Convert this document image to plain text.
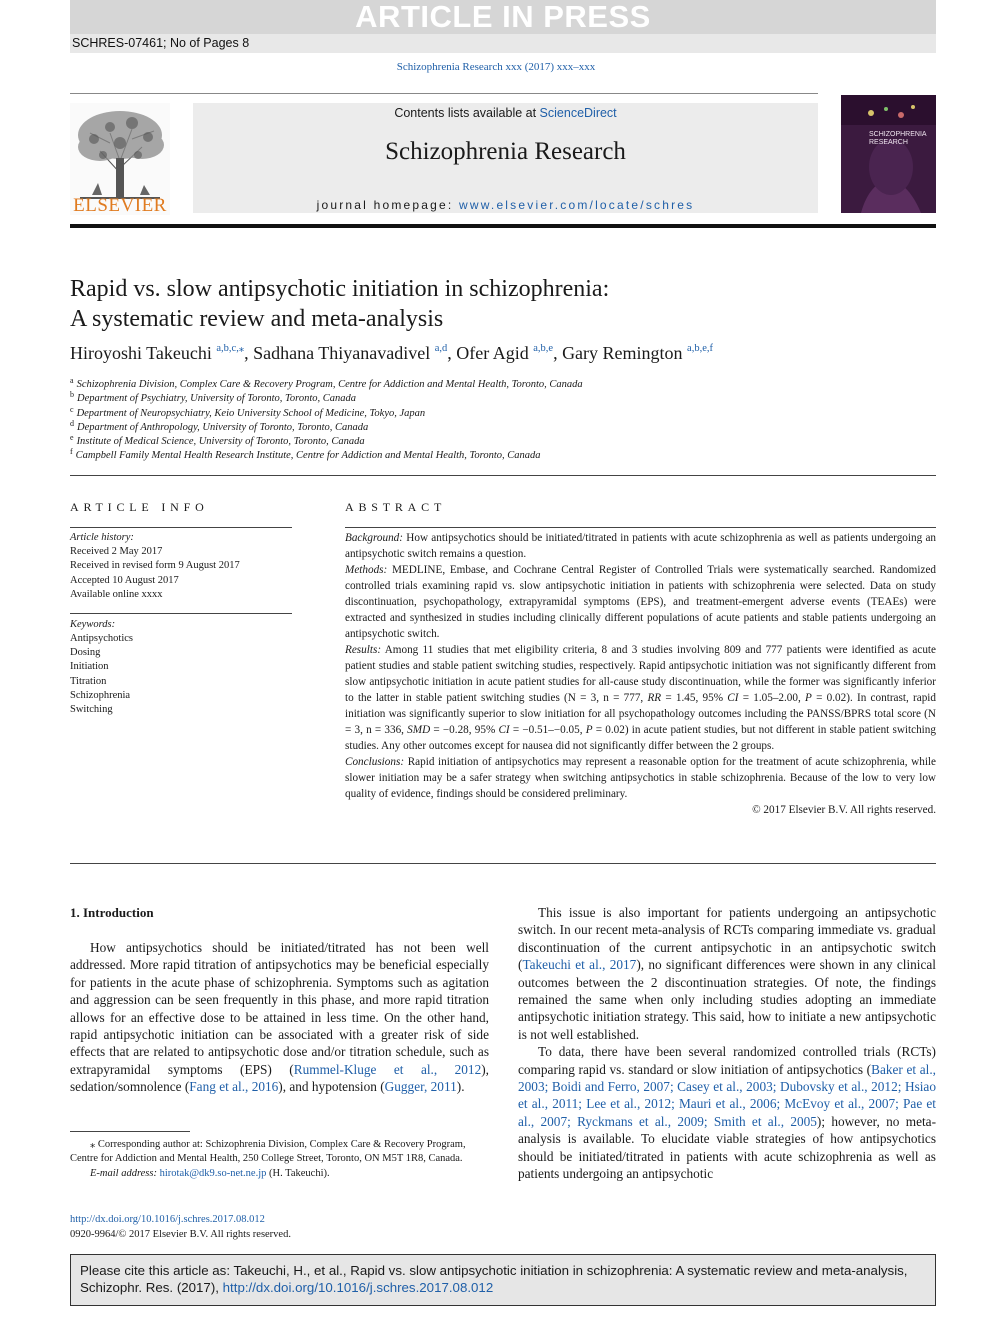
ARTICLE IN PRESS
SCHRES-07461; No of Pages 8
Schizophrenia Research xxx (2017) xxx–xxx
ELSEVIER
Contents lists available at ScienceDirect
Schizophrenia Research
journal homepage: www.elsevier.com/locate/schres
SCHIZOPHRENIA RESEARCH
Rapid vs. slow antipsychotic initiation in schizophrenia:
A systematic review and meta-analysis
Hiroyoshi Takeuchi $^{a,b,c,⁎}$, Sadhana Thiyanavadivel $^{a,d}$, Ofer Agid $^{a,b,e}$, Gary Remington $^{a,b,e,f}$
$^a$ Schizophrenia Division, Complex Care & Recovery Program, Centre for Addiction and Mental Health, Toronto, Canada
$^b$ Department of Psychiatry, University of Toronto, Toronto, Canada
$^c$ Department of Neuropsychiatry, Keio University School of Medicine, Tokyo, Japan
$^d$ Department of Anthropology, University of Toronto, Toronto, Canada
$^e$ Institute of Medical Science, University of Toronto, Toronto, Canada
$^f$ Campbell Family Mental Health Research Institute, Centre for Addiction and Mental Health, Toronto, Canada
ARTICLE INFO
Article history:
Received 2 May 2017
Received in revised form 9 August 2017
Accepted 10 August 2017
Available online xxxx
Keywords:
Antipsychotics
Dosing
Initiation
Titration
Schizophrenia
Switching
ABSTRACT

Background: How antipsychotics should be initiated/titrated in patients with acute schizophrenia as well as patients undergoing an antipsychotic switch remains a question.

Methods: MEDLINE, Embase, and Cochrane Central Register of Controlled Trials were systematically searched. Randomized controlled trials examining rapid vs. slow antipsychotic initiation in patients with schizophrenia were selected. Data on study discontinuation, psychopathology, extrapyramidal symptoms (EPS), and treatment-emergent adverse events (TEAEs) were extracted and synthesized in studies including clinically different populations of acute patients and stable patients undergoing an antipsychotic switch.

Results: Among 11 studies that met eligibility criteria, 8 and 3 studies involving 809 and 777 patients were identified as acute patient studies and stable patient switching studies, respectively. Rapid antipsychotic initiation was not significantly different from slow antipsychotic initiation in acute patient studies for all-cause study discontinuation, while the former was significantly inferior to the latter in stable patient switching studies (N = 3, n = 777, RR = 1.45, 95% CI = 1.05–2.00, P = 0.02). In contrast, rapid initiation was significantly superior to slow initiation for all psychopathology outcomes including the PANSS/BPRS total score (N = 3, n = 336, SMD = −0.28, 95% CI = −0.51–−0.05, P = 0.02) in acute patient studies, but not different in stable patient switching studies. Any other outcomes except for nausea did not significantly differ between the 2 groups.

Conclusions: Rapid initiation of antipsychotics may represent a reasonable option for the treatment of acute schizophrenia, while slower initiation may be a safer strategy when switching antipsychotics in stable schizophrenia. Because of the low to very low quality of evidence, findings should be considered preliminary.

© 2017 Elsevier B.V. All rights reserved.

1. Introduction

How antipsychotics should be initiated/titrated has not been well addressed. More rapid titration of antipsychotics may be beneficial especially for patients in the acute phase of schizophrenia. Symptoms such as agitation and aggression can be seen frequently in this phase, and more rapid titration allows for an effective dose to be attained in less time. On the other hand, rapid antipsychotic initiation can be associated with a greater risk of side effects that are related to antipsychotic dose and/or titration schedule, such as extrapyramidal symptoms (EPS) (Rummel-Kluge et al., 2012), sedation/somnolence (Fang et al., 2016), and hypotension (Gugger, 2011).

This issue is also important for patients undergoing an antipsychotic switch. In our recent meta-analysis of RCTs comparing immediate vs. gradual discontinuation of the current antipsychotic in an antipsychotic switch (Takeuchi et al., 2017), no significant differences were shown in any clinical outcomes between the 2 discontinuation strategies. Of note, the findings remained the same when only including studies adopting an immediate antipsychotic initiation strategy. This said, how to initiate a new antipsychotic is not well established.

To data, there have been several randomized controlled trials (RCTs) comparing rapid vs. standard or slow initiation of antipsychotics (Baker et al., 2003; Boidi and Ferro, 2007; Casey et al., 2003; Dubovsky et al., 2012; Hsiao et al., 2011; Lee et al., 2012; Mauri et al., 2006; McEvoy et al., 2007; Pae et al., 2007; Ryckmans et al., 2009; Smith et al., 2005); however, no meta-analysis is available. To elucidate viable strategies of how antipsychotics should be initiated/titrated in patients with acute schizophrenia as well as patients undergoing an antipsychotic

⁎ Corresponding author at: Schizophrenia Division, Complex Care & Recovery Program, Centre for Addiction and Mental Health, 250 College Street, Toronto, ON M5T 1R8, Canada.

E-mail address: hirotak@dk9.so-net.ne.jp (H. Takeuchi).

http://dx.doi.org/10.1016/j.schres.2017.08.012
0920-9964/© 2017 Elsevier B.V. All rights reserved.
Please cite this article as: Takeuchi, H., et al., Rapid vs. slow antipsychotic initiation in schizophrenia: A systematic review and meta-analysis, Schizophr. Res. (2017), http://dx.doi.org/10.1016/j.schres.2017.08.012
